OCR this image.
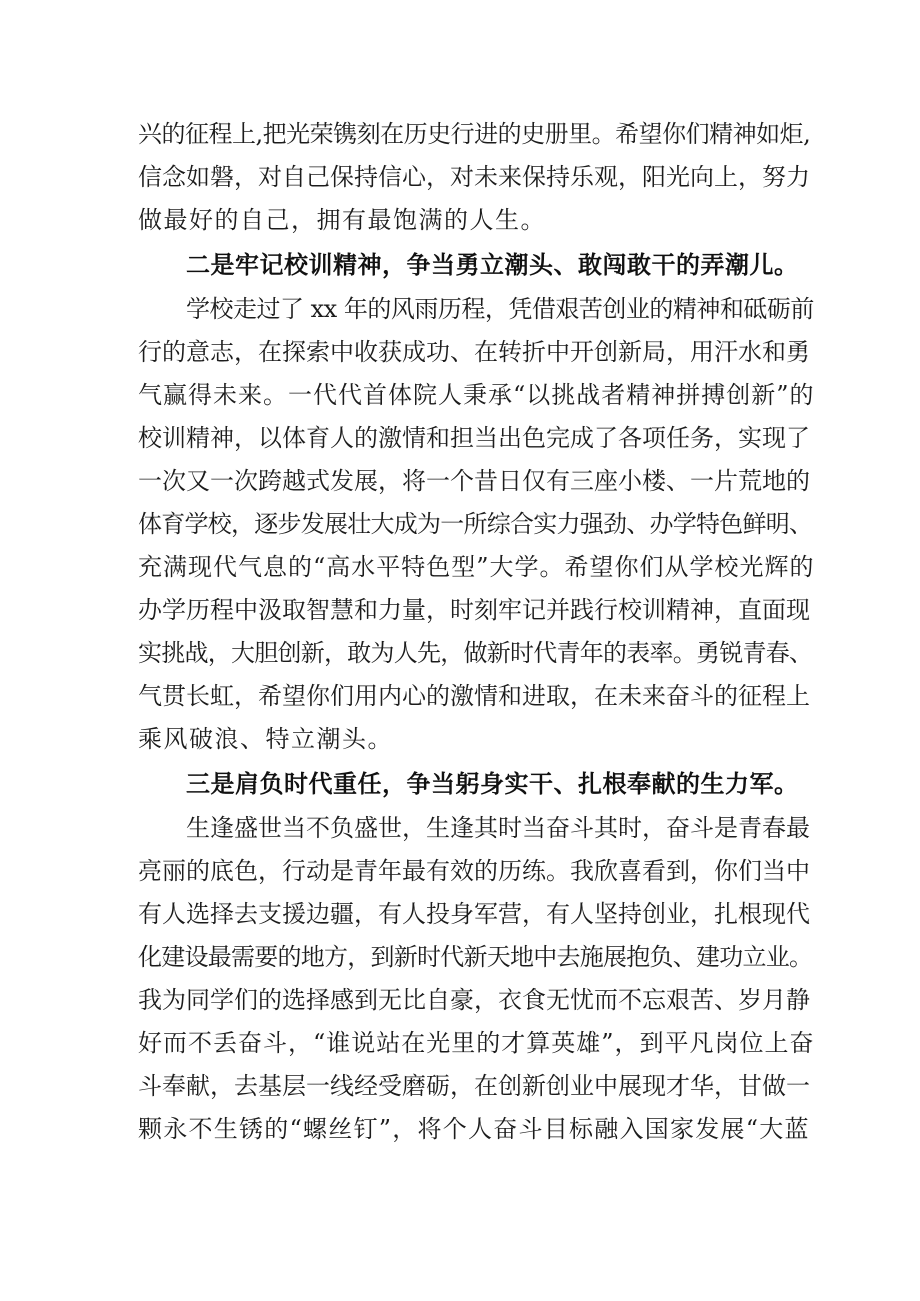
兴的征程上,把光荣镌刻在历史行进的史册里。希望你们精神如炬,
信念如磐，对自己保持信心，对未来保持乐观，阳光向上，努力
做最好的自己，拥有最饱满的人生。
二是牢记校训精神，争当勇立潮头、敢闯敢干的弄潮儿。
学校走过了 xx 年的风雨历程，凭借艰苦创业的精神和砥砺前
行的意志，在探索中收获成功、在转折中开创新局，用汗水和勇
气赢得未来。一代代首体院人秉承“以挑战者精神拼搏创新”的
校训精神，以体育人的激情和担当出色完成了各项任务，实现了
一次又一次跨越式发展，将一个昔日仅有三座小楼、一片荒地的
体育学校，逐步发展壮大成为一所综合实力强劲、办学特色鲜明、
充满现代气息的“高水平特色型”大学。希望你们从学校光辉的
办学历程中汲取智慧和力量，时刻牢记并践行校训精神，直面现
实挑战，大胆创新，敢为人先，做新时代青年的表率。勇锐青春、
气贯长虹，希望你们用内心的激情和进取，在未来奋斗的征程上
乘风破浪、特立潮头。
三是肩负时代重任，争当躬身实干、扎根奉献的生力军。
生逢盛世当不负盛世，生逢其时当奋斗其时，奋斗是青春最
亮丽的底色，行动是青年最有效的历练。我欣喜看到，你们当中
有人选择去支援边疆，有人投身军营，有人坚持创业，扎根现代
化建设最需要的地方，到新时代新天地中去施展抱负、建功立业。
我为同学们的选择感到无比自豪，衣食无忧而不忘艰苦、岁月静
好而不丢奋斗，“谁说站在光里的才算英雄”，到平凡岗位上奋
斗奉献，去基层一线经受磨砺，在创新创业中展现才华，甘做一
颗永不生锈的“螺丝钉”，将个人奋斗目标融入国家发展“大蓝
